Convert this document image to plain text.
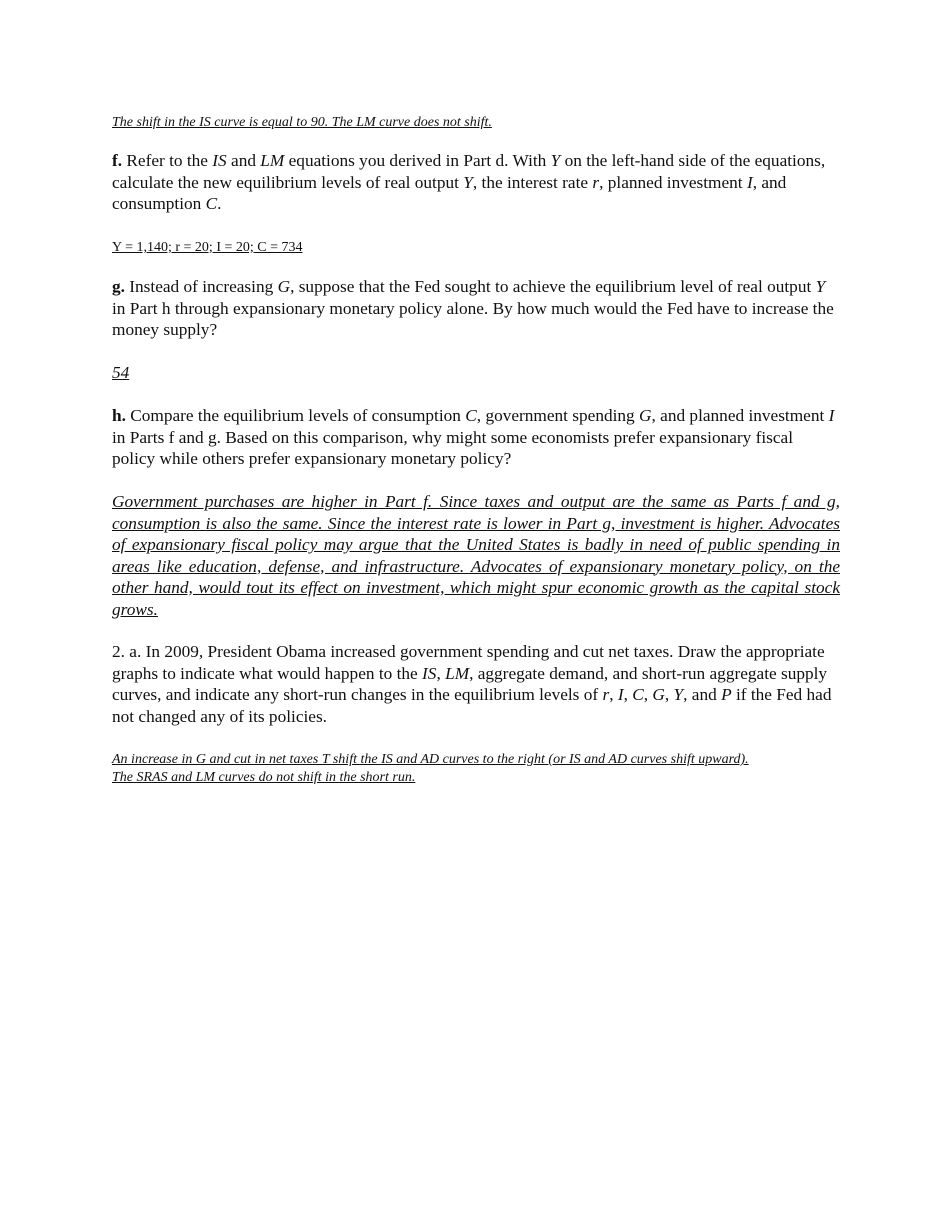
The shift in the IS curve is equal to 90. The LM curve does not shift.

f. Refer to the IS and LM equations you derived in Part d. With Y on the left-hand side of the equations, calculate the new equilibrium levels of real output Y, the interest rate r, planned investment I, and consumption C.

Y = 1,140; r = 20; I = 20; C = 734

g. Instead of increasing G, suppose that the Fed sought to achieve the equilibrium level of real output Y in Part h through expansionary monetary policy alone. By how much would the Fed have to increase the money supply?

54

h. Compare the equilibrium levels of consumption C, government spending G, and planned investment I in Parts f and g. Based on this comparison, why might some economists prefer expansionary fiscal policy while others prefer expansionary monetary policy?

Government purchases are higher in Part f. Since taxes and output are the same as Parts f and g, consumption is also the same. Since the interest rate is lower in Part g, investment is higher. Advocates of expansionary fiscal policy may argue that the United States is badly in need of public spending in areas like education, defense, and infrastructure. Advocates of expansionary monetary policy, on the other hand, would tout its effect on investment, which might spur economic growth as the capital stock grows.

2. a. In 2009, President Obama increased government spending and cut net taxes. Draw the appropriate graphs to indicate what would happen to the IS, LM, aggregate demand, and short-run aggregate supply curves, and indicate any short-run changes in the equilibrium levels of r, I, C, G, Y, and P if the Fed had not changed any of its policies.

An increase in G and cut in net taxes T shift the IS and AD curves to the right (or IS and AD curves shift upward).
The SRAS and LM curves do not shift in the short run.
